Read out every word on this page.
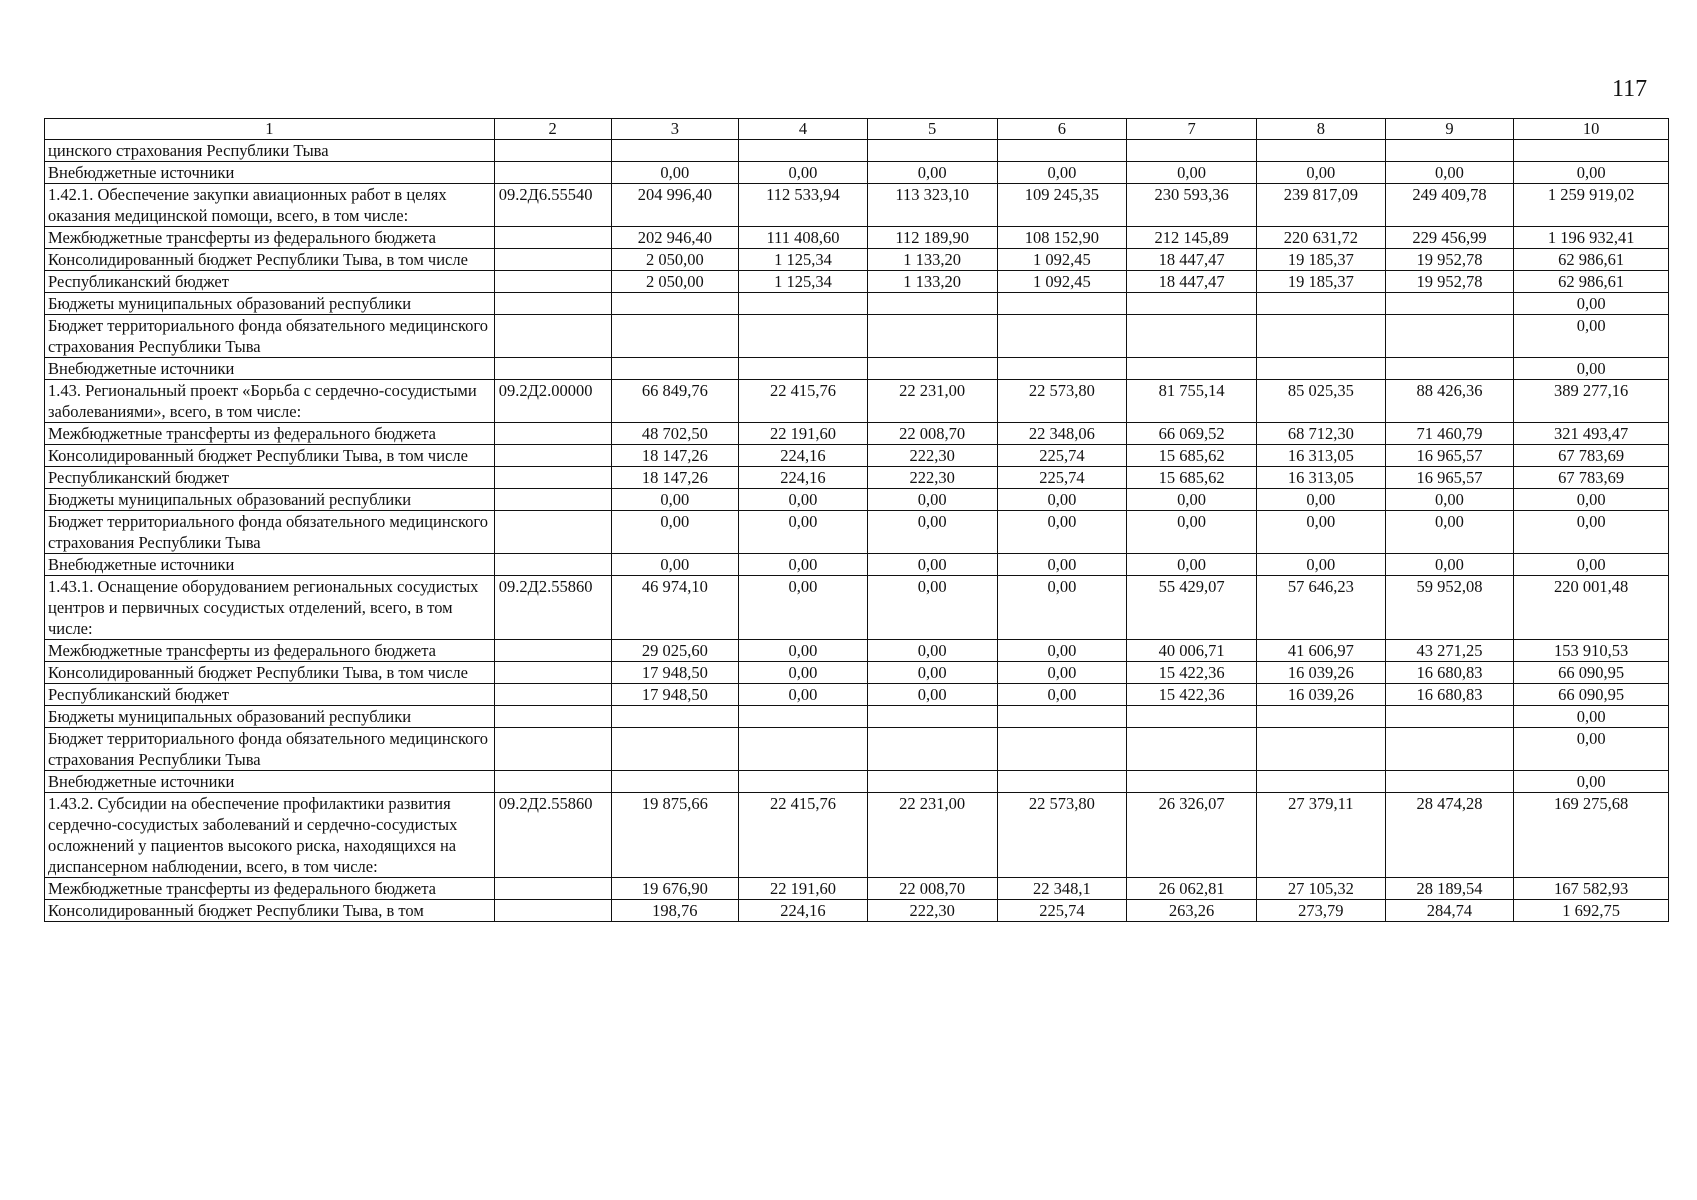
117
1	2	3	4	5	6	7	8	9	10
цинского страхования Республики Тыва									
Внебюджетные источники		0,00	0,00	0,00	0,00	0,00	0,00	0,00	0,00
1.42.1. Обеспечение закупки авиационных работ в целях оказания медицинской помощи, всего, в том числе:	09.2Д6.55540	204 996,40	112 533,94	113 323,10	109 245,35	230 593,36	239 817,09	249 409,78	1 259 919,02
Межбюджетные трансферты из федерального бюджета		202 946,40	111 408,60	112 189,90	108 152,90	212 145,89	220 631,72	229 456,99	1 196 932,41
Консолидированный бюджет Республики Тыва, в том числе		2 050,00	1 125,34	1 133,20	1 092,45	18 447,47	19 185,37	19 952,78	62 986,61
Республиканский бюджет		2 050,00	1 125,34	1 133,20	1 092,45	18 447,47	19 185,37	19 952,78	62 986,61
Бюджеты муниципальных образований республики									0,00
Бюджет территориального фонда обязательного медицинского страхования Республики Тыва									0,00
Внебюджетные источники									0,00
1.43. Региональный проект «Борьба с сердечно-сосудистыми заболеваниями», всего, в том числе:	09.2Д2.00000	66 849,76	22 415,76	22 231,00	22 573,80	81 755,14	85 025,35	88 426,36	389 277,16
Межбюджетные трансферты из федерального бюджета		48 702,50	22 191,60	22 008,70	22 348,06	66 069,52	68 712,30	71 460,79	321 493,47
Консолидированный бюджет Республики Тыва, в том числе		18 147,26	224,16	222,30	225,74	15 685,62	16 313,05	16 965,57	67 783,69
Республиканский бюджет		18 147,26	224,16	222,30	225,74	15 685,62	16 313,05	16 965,57	67 783,69
Бюджеты муниципальных образований республики		0,00	0,00	0,00	0,00	0,00	0,00	0,00	0,00
Бюджет территориального фонда обязательного медицинского страхования Республики Тыва		0,00	0,00	0,00	0,00	0,00	0,00	0,00	0,00
Внебюджетные источники		0,00	0,00	0,00	0,00	0,00	0,00	0,00	0,00
1.43.1. Оснащение оборудованием региональных сосудистых центров и первичных сосудистых отделений, всего, в том числе:	09.2Д2.55860	46 974,10	0,00	0,00	0,00	55 429,07	57 646,23	59 952,08	220 001,48
Межбюджетные трансферты из федерального бюджета		29 025,60	0,00	0,00	0,00	40 006,71	41 606,97	43 271,25	153 910,53
Консолидированный бюджет Республики Тыва, в том числе		17 948,50	0,00	0,00	0,00	15 422,36	16 039,26	16 680,83	66 090,95
Республиканский бюджет		17 948,50	0,00	0,00	0,00	15 422,36	16 039,26	16 680,83	66 090,95
Бюджеты муниципальных образований республики									0,00
Бюджет территориального фонда обязательного медицинского страхования Республики Тыва									0,00
Внебюджетные источники									0,00
1.43.2. Субсидии на обеспечение профилактики развития сердечно-сосудистых заболеваний и сердечно-сосудистых осложнений у пациентов высокого риска, находящихся на диспансерном наблюдении, всего, в том числе:	09.2Д2.55860	19 875,66	22 415,76	22 231,00	22 573,80	26 326,07	27 379,11	28 474,28	169 275,68
Межбюджетные трансферты из федерального бюджета		19 676,90	22 191,60	22 008,70	22 348,1	26 062,81	27 105,32	28 189,54	167 582,93
Консолидированный бюджет Республики Тыва, в том		198,76	224,16	222,30	225,74	263,26	273,79	284,74	1 692,75
